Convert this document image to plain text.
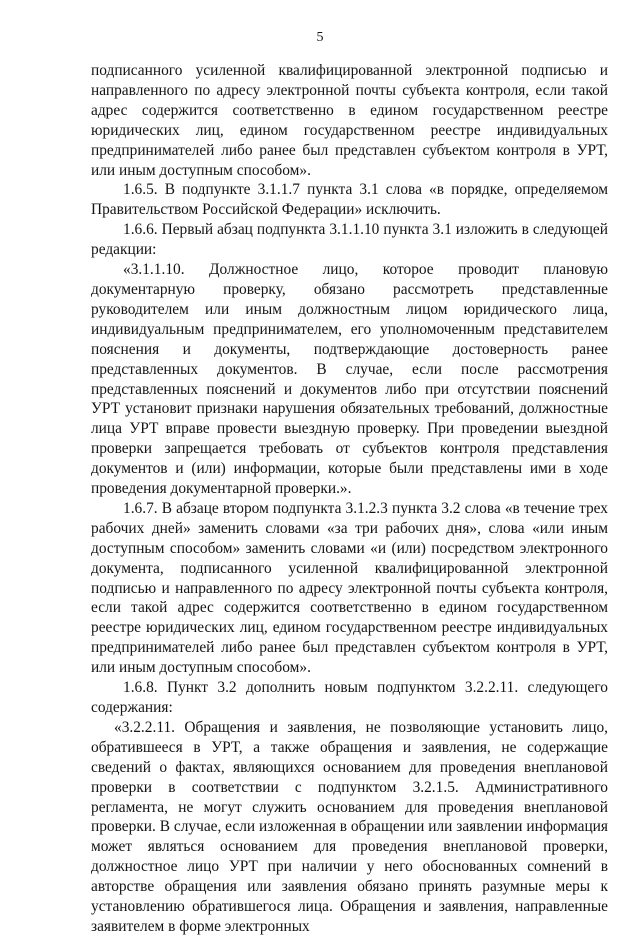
5

подписанного усиленной квалифицированной электронной подписью и направленного по адресу электронной почты субъекта контроля, если такой адрес содержится соответственно в едином государственном реестре юридических лиц, едином государственном реестре индивидуальных предпринимателей либо ранее был представлен субъектом контроля в УРТ, или иным доступным способом».

1.6.5. В подпункте 3.1.1.7 пункта 3.1 слова «в порядке, определяемом Правительством Российской Федерации» исключить.

1.6.6. Первый абзац подпункта 3.1.1.10 пункта 3.1 изложить в следующей редакции:

«3.1.1.10. Должностное лицо, которое проводит плановую документарную проверку, обязано рассмотреть представленные руководителем или иным должностным лицом юридического лица, индивидуальным предпринимателем, его уполномоченным представителем пояснения и документы, подтверждающие достоверность ранее представленных документов. В случае, если после рассмотрения представленных пояснений и документов либо при отсутствии пояснений УРТ установит признаки нарушения обязательных требований, должностные лица УРТ вправе провести выездную проверку. При проведении выездной проверки запрещается требовать от субъектов контроля представления документов и (или) информации, которые были представлены ими в ходе проведения документарной проверки.».

1.6.7. В абзаце втором подпункта 3.1.2.3 пункта 3.2 слова «в течение трех рабочих дней» заменить словами «за три рабочих дня», слова «или иным доступным способом» заменить словами «и (или) посредством электронного документа, подписанного усиленной квалифицированной электронной подписью и направленного по адресу электронной почты субъекта контроля, если такой адрес содержится соответственно в едином государственном реестре юридических лиц, едином государственном реестре индивидуальных предпринимателей либо ранее был представлен субъектом контроля в УРТ, или иным доступным способом».

1.6.8. Пункт 3.2 дополнить новым подпунктом 3.2.2.11. следующего содержания:

«3.2.2.11. Обращения и заявления, не позволяющие установить лицо, обратившееся в УРТ, а также обращения и заявления, не содержащие сведений о фактах, являющихся основанием для проведения внеплановой проверки в соответствии с подпунктом 3.2.1.5. Административного регламента, не могут служить основанием для проведения внеплановой проверки. В случае, если изложенная в обращении или заявлении информация может являться основанием для проведения внеплановой проверки, должностное лицо УРТ при наличии у него обоснованных сомнений в авторстве обращения или заявления обязано принять разумные меры к установлению обратившегося лица. Обращения и заявления, направленные заявителем в форме электронных
